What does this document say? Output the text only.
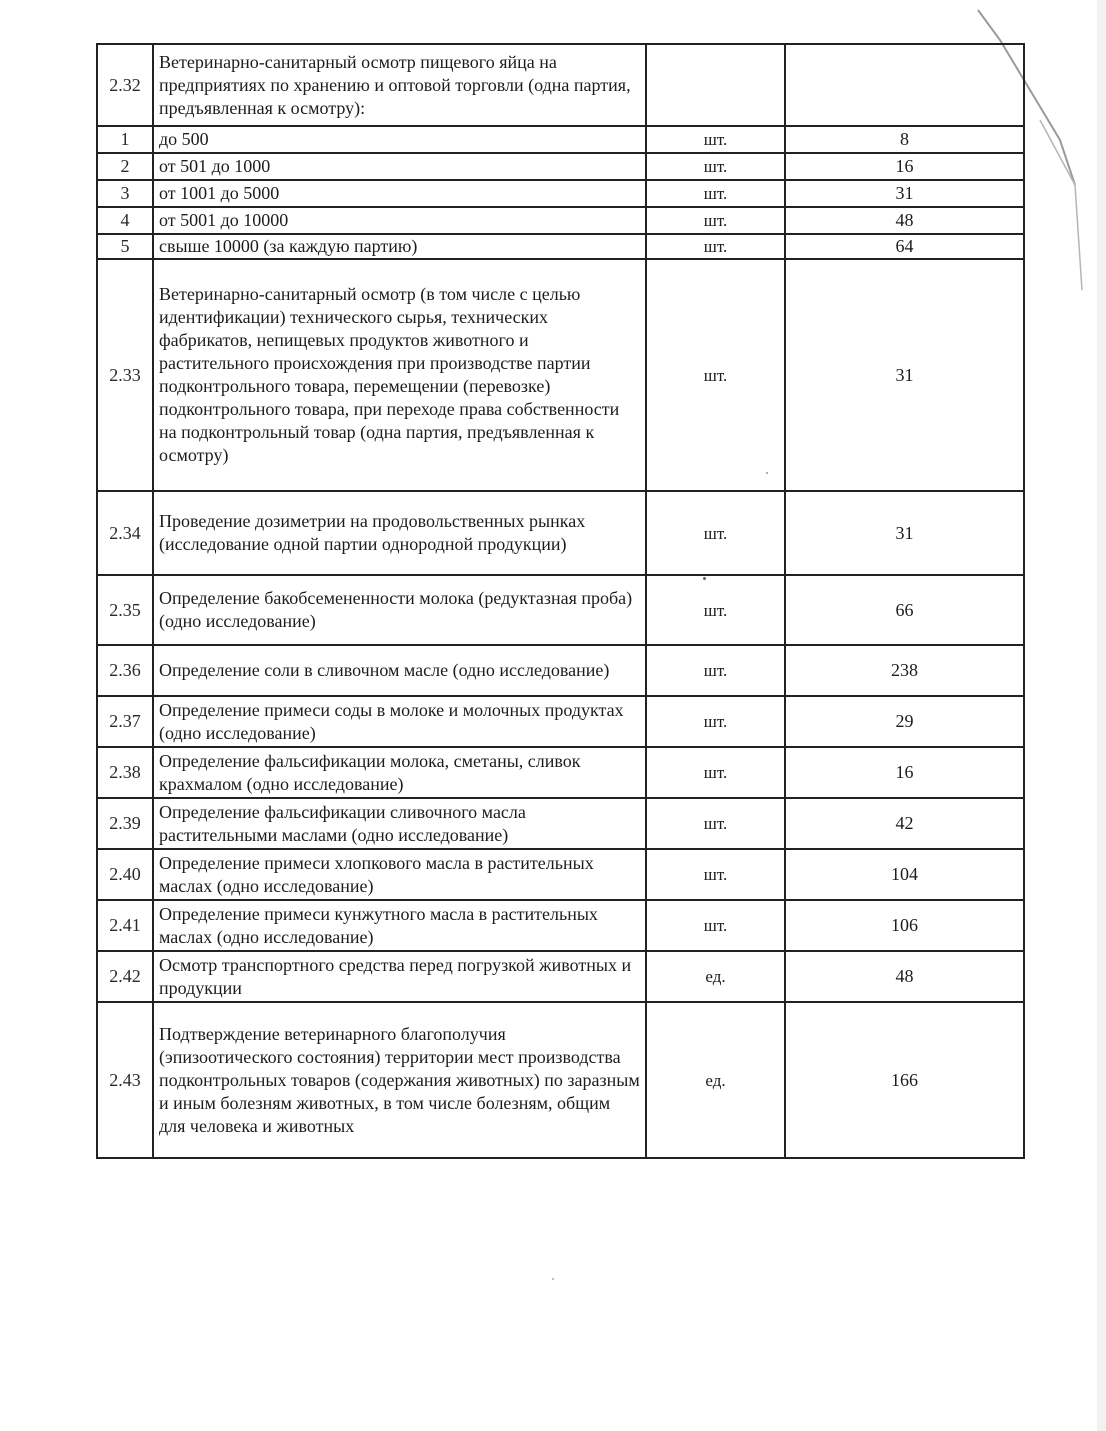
2.32	Ветеринарно-санитарный осмотр пищевого яйца на предприятиях по хранению и оптовой торговли (одна партия, предъявленная к осмотру):		
1	до 500	шт.	8
2	от 501 до 1000	шт.	16
3	от 1001 до 5000	шт.	31
4	от 5001 до 10000	шт.	48
5	свыше 10000 (за каждую партию)	шт.	64
2.33	Ветеринарно-санитарный осмотр (в том числе с целью идентификации) технического сырья, технических фабрикатов, непищевых продуктов животного и растительного происхождения при производстве партии подконтрольного товара, перемещении (перевозке) подконтрольного товара, при переходе права собственности на подконтрольный товар (одна партия, предъявленная к осмотру)	шт.	31
2.34	Проведение дозиметрии на продовольственных рынках (исследование одной партии однородной продукции)	шт.	31
2.35	Определение бакобсемененности молока (редуктазная проба) (одно исследование)	шт.	66
2.36	Определение соли в сливочном масле (одно исследование)	шт.	238
2.37	Определение примеси соды в молоке и молочных продуктах (одно исследование)	шт.	29
2.38	Определение фальсификации молока, сметаны, сливок крахмалом (одно исследование)	шт.	16
2.39	Определение фальсификации сливочного масла растительными маслами (одно исследование)	шт.	42
2.40	Определение примеси хлопкового масла в растительных маслах (одно исследование)	шт.	104
2.41	Определение примеси кунжутного масла в растительных маслах (одно исследование)	шт.	106
2.42	Осмотр транспортного средства перед погрузкой животных и продукции	ед.	48
2.43	Подтверждение ветеринарного благополучия (эпизоотического состояния) территории мест производства подконтрольных товаров (содержания животных) по заразным и иным болезням животных, в том числе болезням, общим для человека и животных	ед.	166
